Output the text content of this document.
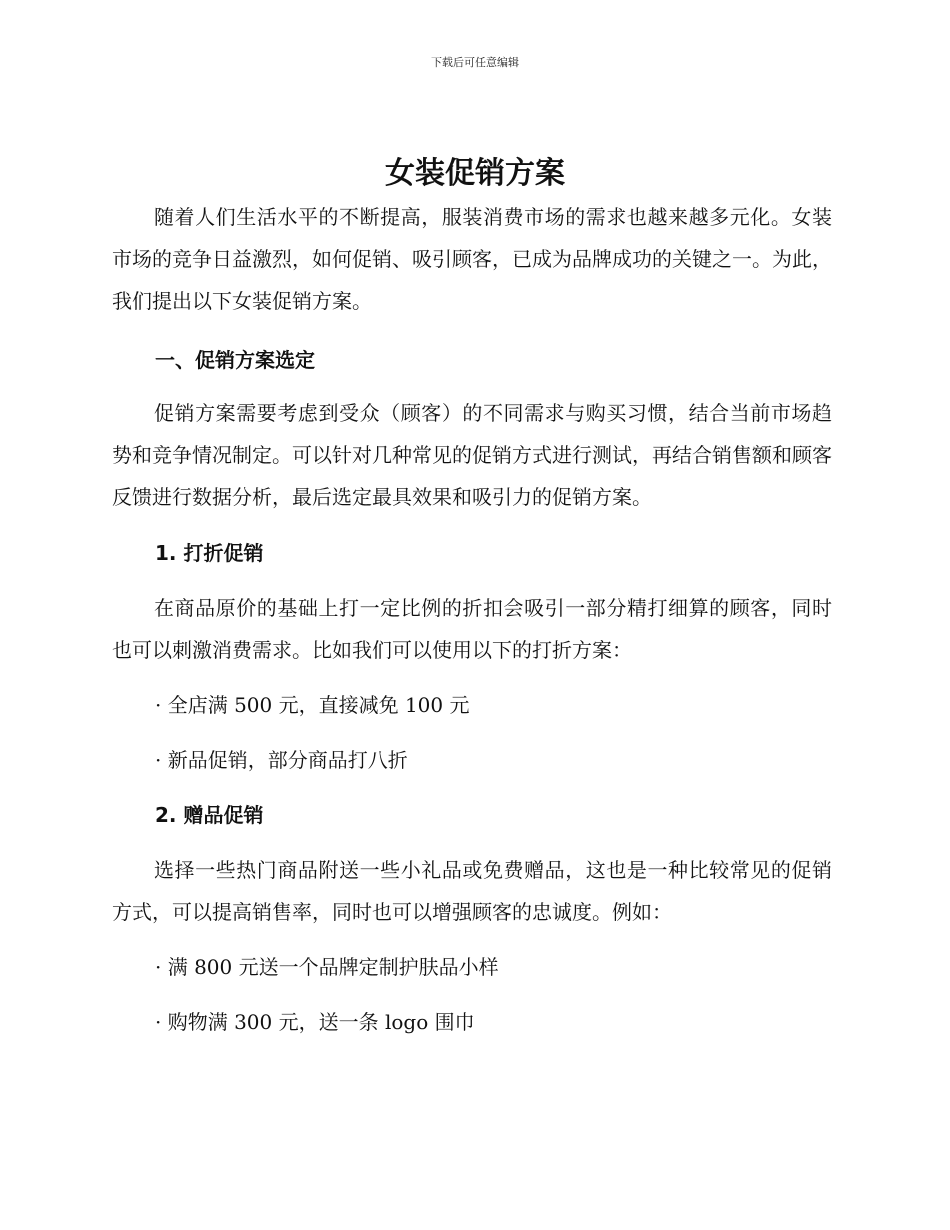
下载后可任意编辑
女装促销方案

随着人们生活水平的不断提高，服装消费市场的需求也越来越多元化。女装市场的竞争日益激烈，如何促销、吸引顾客，已成为品牌成功的关键之一。为此，我们提出以下女装促销方案。

一、促销方案选定

促销方案需要考虑到受众（顾客）的不同需求与购买习惯，结合当前市场趋势和竞争情况制定。可以针对几种常见的促销方式进行测试，再结合销售额和顾客反馈进行数据分析，最后选定最具效果和吸引力的促销方案。

1. 打折促销

在商品原价的基础上打一定比例的折扣会吸引一部分精打细算的顾客，同时也可以刺激消费需求。比如我们可以使用以下的打折方案：

· 全店满 500 元，直接减免 100 元

· 新品促销，部分商品打八折

2. 赠品促销

选择一些热门商品附送一些小礼品或免费赠品，这也是一种比较常见的促销方式，可以提高销售率，同时也可以增强顾客的忠诚度。例如：

· 满 800 元送一个品牌定制护肤品小样

· 购物满 300 元，送一条 logo 围巾
